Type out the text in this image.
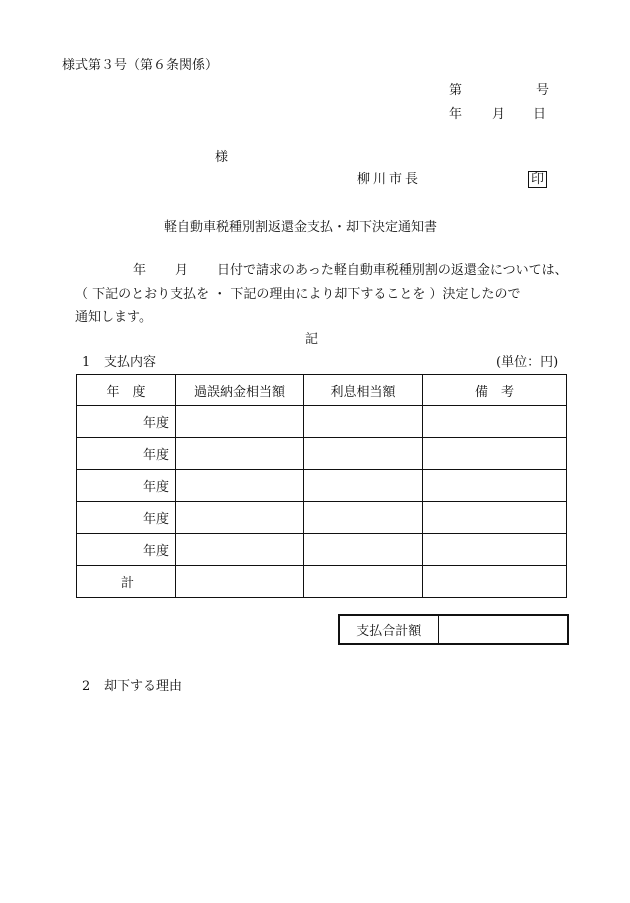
様式第３号（第６条関係）
第	号
年 月 日
様
柳川市長	印
軽自動車税種別割返還金支払・却下決定通知書
年 月 日付で請求のあった軽自動車税種別割の返還金については、
（ 下記のとおり支払を ・ 下記の理由により却下することを ）決定したので
通知します。
記
1 支払内容	(単位：円)
年　度	過誤納金相当額	利息相当額	備　考
年度			
年度			
年度			
年度			
年度			
計			
支払合計額	
2 却下する理由
